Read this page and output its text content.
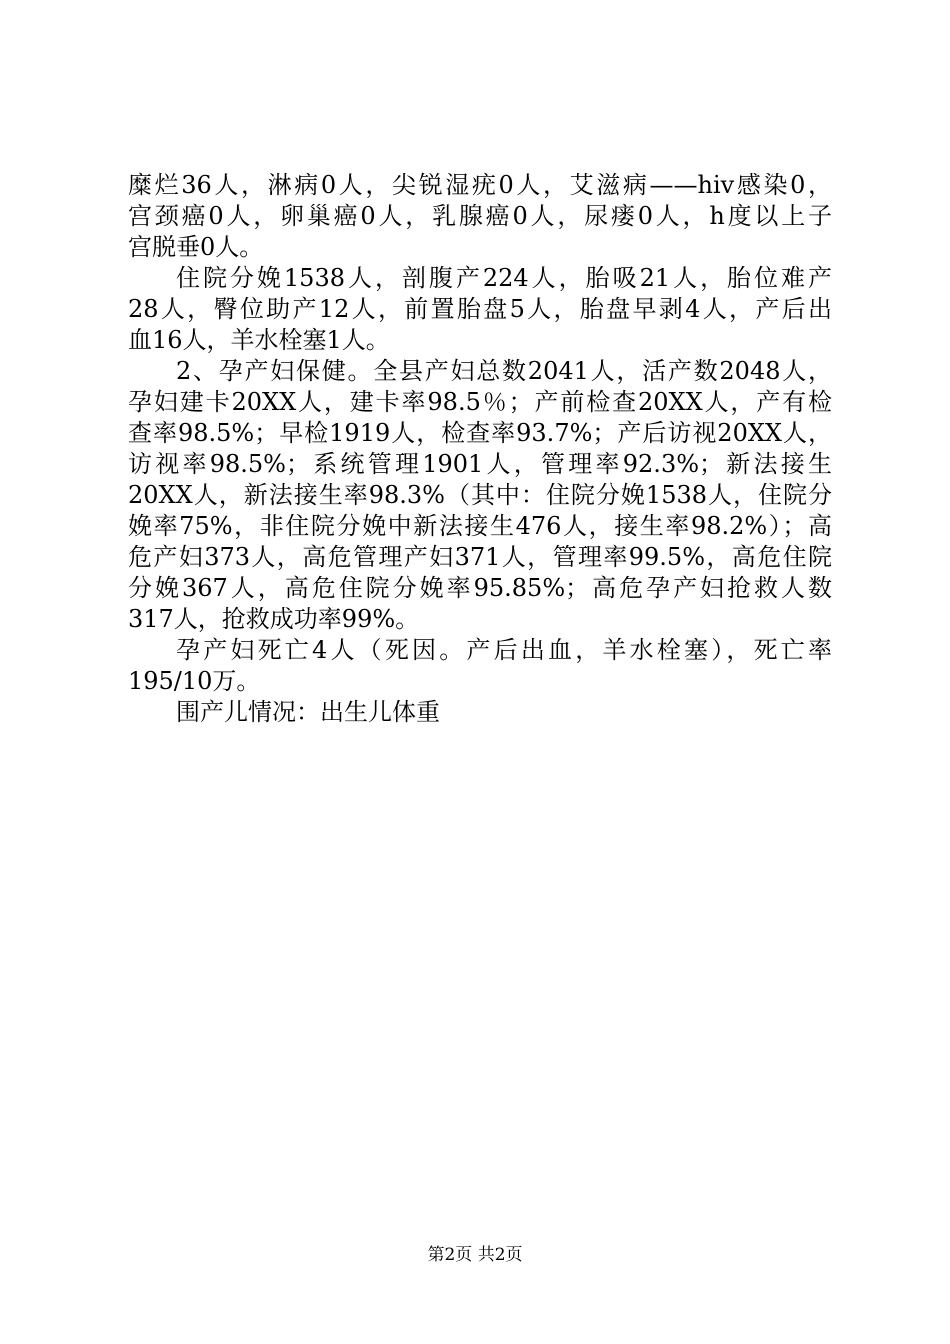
糜烂36人，淋病0人，尖锐湿疣0人，艾滋病——hiv感染0，
宫颈癌0人，卵巢癌0人，乳腺癌0人，尿瘘0人，h度以上子
宫脱垂0人。
住院分娩1538人，剖腹产224人，胎吸21人，胎位难产
28人，臀位助产12人，前置胎盘5人，胎盘早剥4人，产后出
血16人，羊水栓塞1人。
2、孕产妇保健。全县产妇总数2041人，活产数2048人，
孕妇建卡20XX人，建卡率98.5％；产前检查20XX人，产有检
查率98.5%；早检1919人，检查率93.7%；产后访视20XX人，
访视率98.5%；系统管理1901人，管理率92.3%；新法接生
20XX人，新法接生率98.3%（其中：住院分娩1538人，住院分
娩率75%，非住院分娩中新法接生476人，接生率98.2%）；高
危产妇373人，高危管理产妇371人，管理率99.5%，高危住院
分娩367人，高危住院分娩率95.85%；高危孕产妇抢救人数
317人，抢救成功率99%。
孕产妇死亡4人（死因。产后出血，羊水栓塞），死亡率
195/10万。
围产儿情况：出生儿体重
第2页 共2页
